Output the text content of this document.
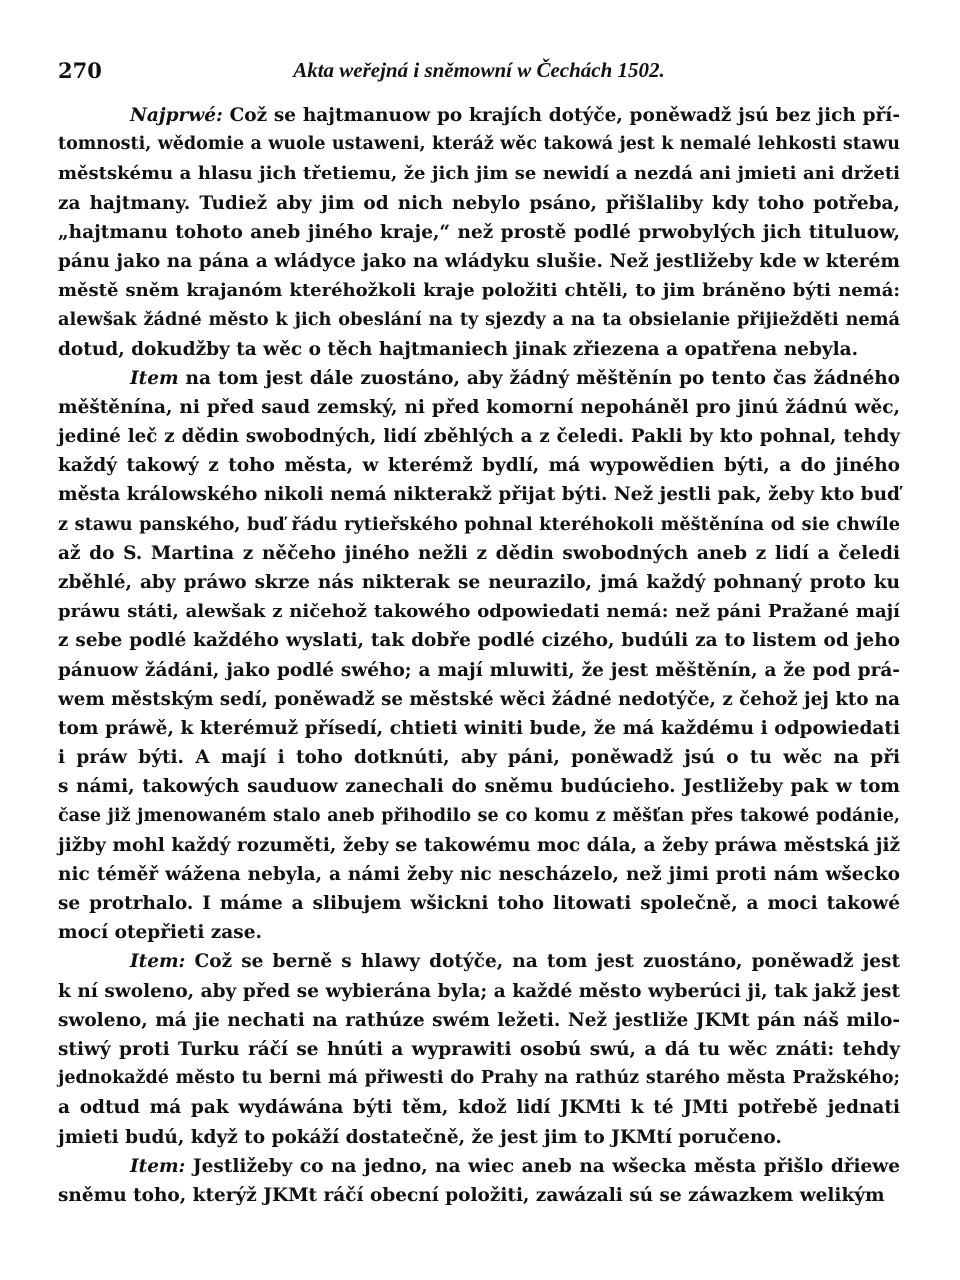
270	Akta weřejná i sněmowní w Čechách 1502.
Najprwé: Což se hajtmanuow po krajích dotýče, poněwadž jsú bez jich pří-
tomnosti, wědomie a wuole ustaweni, kteráž wěc takowá jest k nemalé lehkosti stawu
městskému a hlasu jich třetiemu, že jich jim se newidí a nezdá ani jmieti ani držeti
za hajtmany. Tudiež aby jim od nich nebylo psáno, přišlaliby kdy toho potřeba,
„hajtmanu tohoto aneb jiného kraje,“ než prostě podlé prwobylých jich tituluow,
pánu jako na pána a wládyce jako na wládyku slušie. Než jestližeby kde w kterém
městě sněm krajanóm kteréhožkoli kraje položiti chtěli, to jim bráněno býti nemá:
alewšak žádné město k jich obeslání na ty sjezdy a na ta obsielanie přijiežděti nemá
dotud, dokudžby ta wěc o těch hajtmaniech jinak zřiezena a opatřena nebyla.
Item na tom jest dále zuostáno, aby žádný měštěnín po tento čas žádného
měštěnína, ni před saud zemský, ni před komorní nepoháněl pro jinú žádnú wěc,
jediné leč z dědin swobodných, lidí zběhlých a z čeledi. Pakli by kto pohnal, tehdy
každý takowý z toho města, w kterémž bydlí, má wypowědien býti, a do jiného
města králowského nikoli nemá nikterakž přijat býti. Než jestli pak, žeby kto buď
z stawu panského, buď řádu rytieřského pohnal kteréhokoli měštěnína od sie chwíle
až do S. Martina z něčeho jiného nežli z dědin swobodných aneb z lidí a čeledi
zběhlé, aby práwo skrze nás nikterak se neurazilo, jmá každý pohnaný proto ku
práwu státi, alewšak z ničehož takowého odpowiedati nemá: než páni Pražané mají
z sebe podlé každého wyslati, tak dobře podlé cizého, budúli za to listem od jeho
pánuow žádáni, jako podlé swého; a mají mluwiti, že jest měštěnín, a že pod prá-
wem městským sedí, poněwadž se městské wěci žádné nedotýče, z čehož jej kto na
tom práwě, k kterémuž přísedí, chtieti winiti bude, že má každému i odpowiedati
i práw býti. A mají i toho dotknúti, aby páni, poněwadž jsú o tu wěc na při
s námi, takowých sauduow zanechali do sněmu budúcieho. Jestližeby pak w tom
čase již jmenowaném stalo aneb přihodilo se co komu z měšťan přes takowé podánie,
jižby mohl každý rozuměti, žeby se takowému moc dála, a žeby práwa městská již
nic téměř wážena nebyla, a námi žeby nic nescházelo, než jimi proti nám wšecko
se protrhalo. I máme a slibujem wšickni toho litowati společně, a moci takowé
mocí otepřieti zase.
Item: Což se berně s hlawy dotýče, na tom jest zuostáno, poněwadž jest
k ní swoleno, aby před se wybierána byla; a každé město wyberúci ji, tak jakž jest
swoleno, má jie nechati na rathúze swém ležeti. Než jestliže JKMt pán náš milo-
stiwý proti Turku ráčí se hnúti a wyprawiti osobú swú, a dá tu wěc znáti: tehdy
jednokaždé město tu berni má přiwesti do Prahy na rathúz starého města Pražského;
a odtud má pak wydáwána býti těm, kdož lidí JKMti k té JMti potřebě jednati
jmieti budú, když to pokáží dostatečně, že jest jim to JKMtí poručeno.
Item: Jestližeby co na jedno, na wiec aneb na wšecka města přišlo dřiewe
sněmu toho, kterýž JKMt ráčí obecní položiti, zawázali sú se záwazkem welikým
